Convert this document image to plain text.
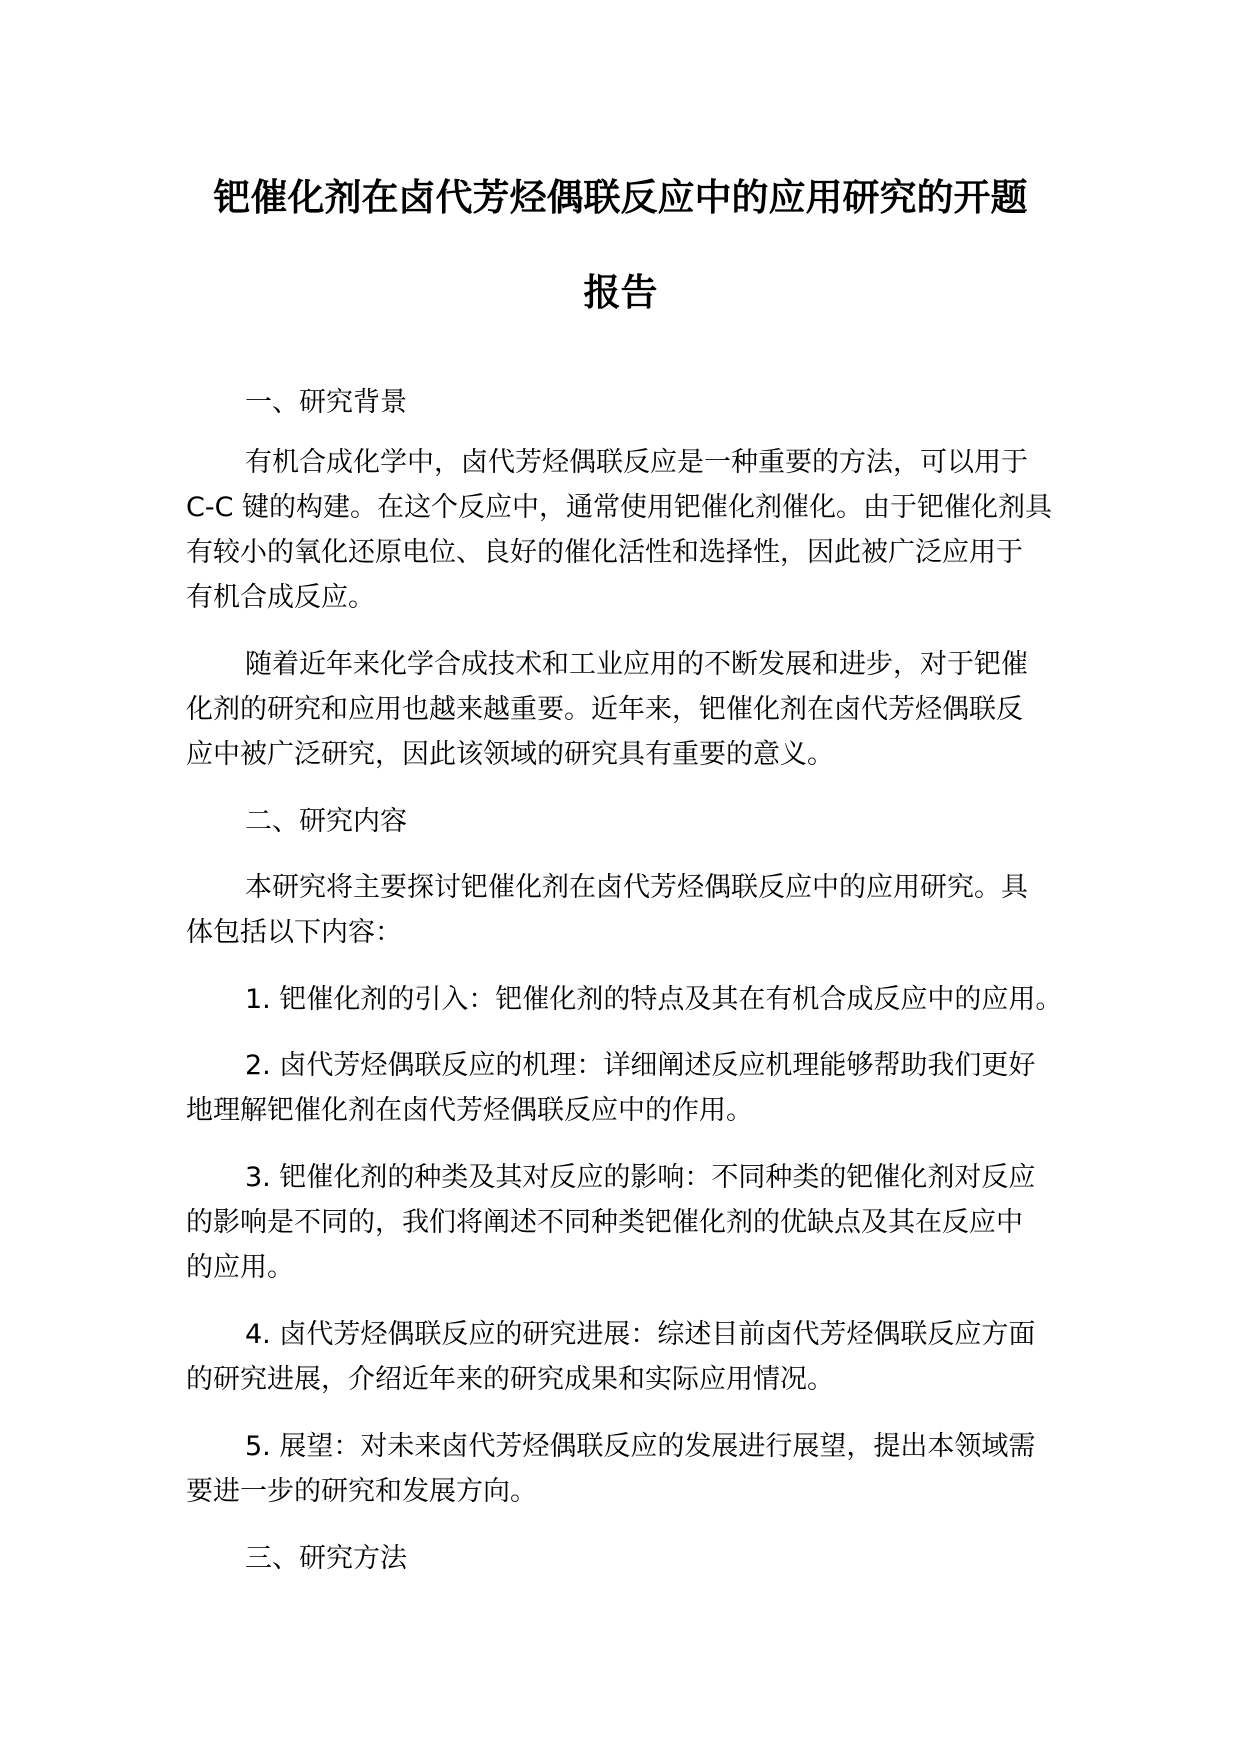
钯催化剂在卤代芳烃偶联反应中的应用研究的开题
报告
一、研究背景
有机合成化学中，卤代芳烃偶联反应是一种重要的方法，可以用于
C-C 键的构建。在这个反应中，通常使用钯催化剂催化。由于钯催化剂具
有较小的氧化还原电位、良好的催化活性和选择性，因此被广泛应用于
有机合成反应。
随着近年来化学合成技术和工业应用的不断发展和进步，对于钯催
化剂的研究和应用也越来越重要。近年来，钯催化剂在卤代芳烃偶联反
应中被广泛研究，因此该领域的研究具有重要的意义。
二、研究内容
本研究将主要探讨钯催化剂在卤代芳烃偶联反应中的应用研究。具
体包括以下内容：
1. 钯催化剂的引入：钯催化剂的特点及其在有机合成反应中的应用。
2. 卤代芳烃偶联反应的机理：详细阐述反应机理能够帮助我们更好
地理解钯催化剂在卤代芳烃偶联反应中的作用。
3. 钯催化剂的种类及其对反应的影响：不同种类的钯催化剂对反应
的影响是不同的，我们将阐述不同种类钯催化剂的优缺点及其在反应中
的应用。
4. 卤代芳烃偶联反应的研究进展：综述目前卤代芳烃偶联反应方面
的研究进展，介绍近年来的研究成果和实际应用情况。
5. 展望：对未来卤代芳烃偶联反应的发展进行展望，提出本领域需
要进一步的研究和发展方向。
三、研究方法
